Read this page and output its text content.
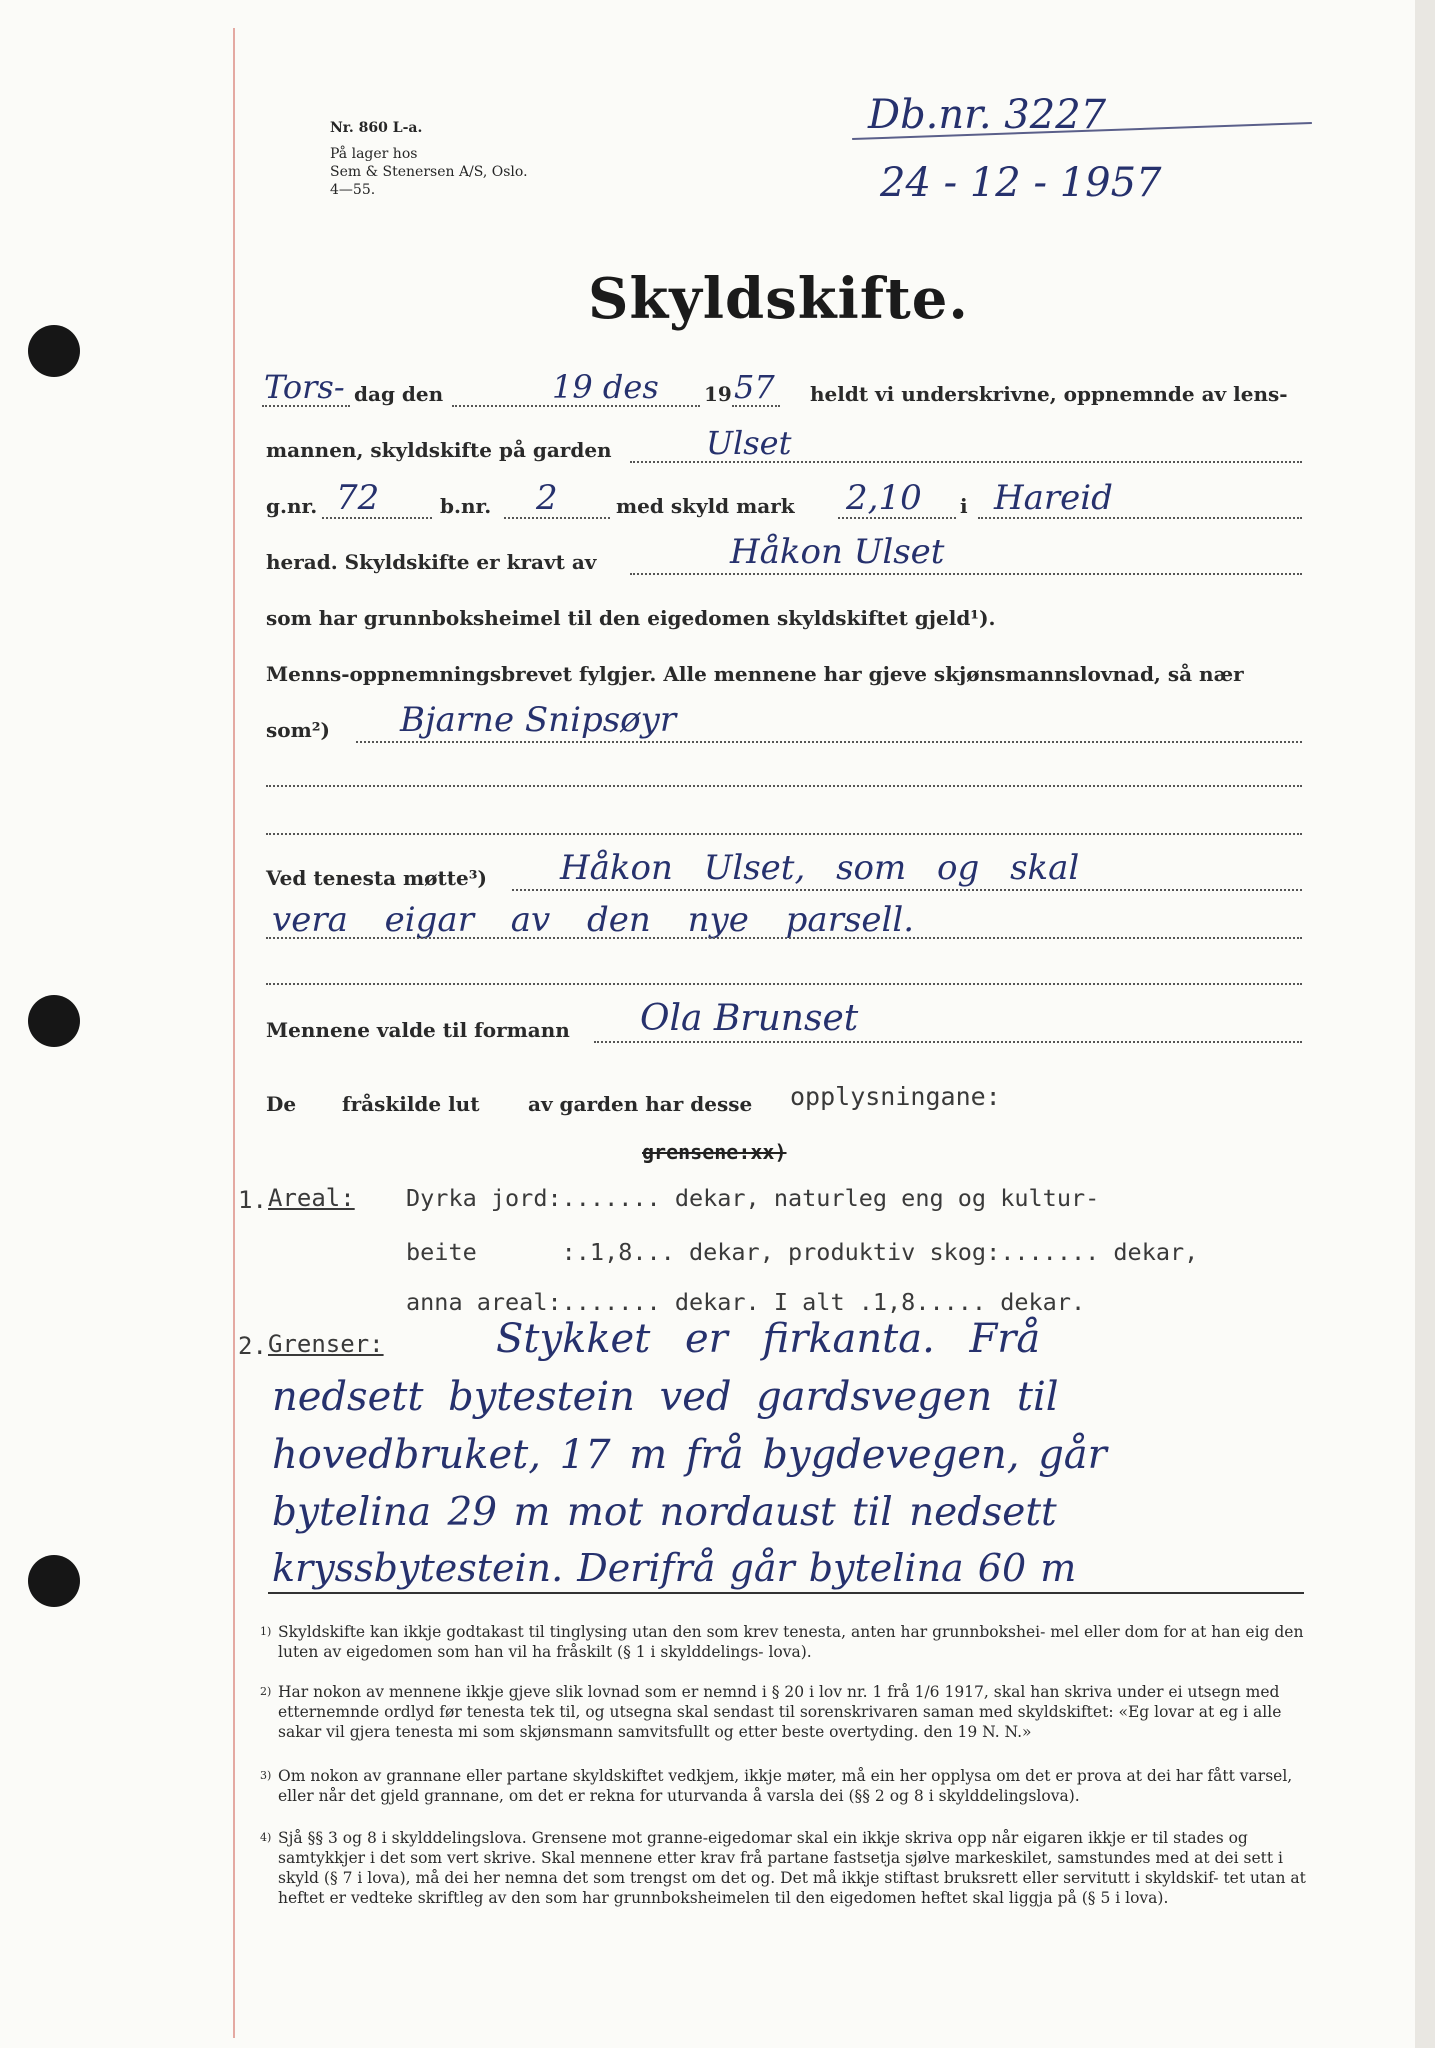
Nr. 860 L-a.
På lager hos
Sem & Stenersen A/S, Oslo.
4—55.
Db.nr. 3227
24 - 12 - 1957
Skyldskifte.
Tors- dag den	19 des 19 57 heldt vi underskrivne, oppnemnde av lens-
mannen, skyldskifte på garden	Ulset
g.nr. 72	b.nr. 2	med skyld mark 2,10 i Hareid
herad. Skyldskifte er kravt av	Håkon Ulset
som har grunnboksheimel til den eigedomen skyldskiftet gjeld¹).
Menns-oppnemningsbrevet fylgjer. Alle mennene har gjeve skjønsmannslovnad, så nær
som²) Bjarne Snipsøyr
Ved tenesta møtte³) Håkon Ulset, som og skal
vera eigar av den nye parsell.
Mennene valde til formann Ola Brunset
De fråskilde lut av garden har desse opplysningane:
grensene:xx)
1. Areal: Dyrka jord:....... dekar, naturleg eng og kultur-
beite      :.1,8... dekar, produktiv skog:....... dekar,
anna areal:....... dekar. I alt .1,8..... dekar.
2. Grenser:	Stykket er firkanta. Frå
nedsett bytestein ved gardsvegen til
hovedbruket, 17 m frå bygdevegen, går
bytelina 29 m mot nordaust til nedsett
kryssbytestein. Derifrå går bytelina 60 m
1) Skyldskifte kan ikkje godtakast til tinglysing utan den som krev tenesta, anten har grunnbokshei- mel eller dom for at han eig den luten av eigedomen som han vil ha fråskilt (§ 1 i skylddelings- lova).
2) Har nokon av mennene ikkje gjeve slik lovnad som er nemnd i § 20 i lov nr. 1 frå 1/6 1917, skal han skriva under ei utsegn med etternemnde ordlyd før tenesta tek til, og utsegna skal sendast til sorenskrivaren saman med skyldskiftet: «Eg lovar at eg i alle sakar vil gjera tenesta mi som skjønsmann samvitsfullt og etter beste overtyding. den 19 N. N.»
3) Om nokon av grannane eller partane skyldskiftet vedkjem, ikkje møter, må ein her opplysa om det er prova at dei har fått varsel, eller når det gjeld grannane, om det er rekna for uturvanda å varsla dei (§§ 2 og 8 i skylddelingslova).
4) Sjå §§ 3 og 8 i skylddelingslova. Grensene mot granne-eigedomar skal ein ikkje skriva opp når eigaren ikkje er til stades og samtykkjer i det som vert skrive. Skal mennene etter krav frå partane fastsetja sjølve markeskilet, samstundes med at dei sett i skyld (§ 7 i lova), må dei her nemna det som trengst om det og. Det må ikkje stiftast bruksrett eller servitutt i skyldskif- tet utan at heftet er vedteke skriftleg av den som har grunnboksheimelen til den eigedomen heftet skal liggja på (§ 5 i lova).
